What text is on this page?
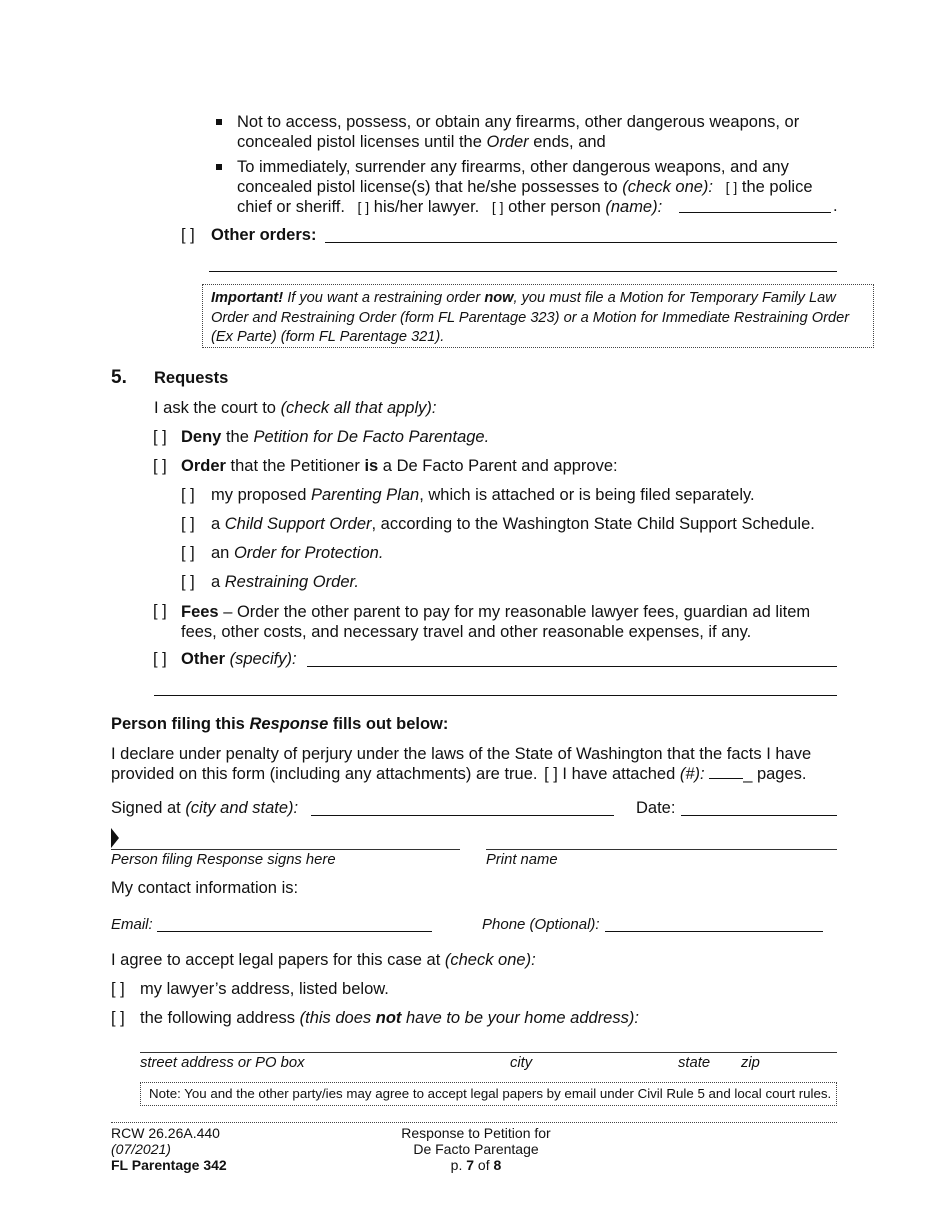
Not to access, possess, or obtain any firearms, other dangerous weapons, or
concealed pistol licenses until the Order ends, and
To immediately, surrender any firearms, other dangerous weapons, and any
concealed pistol license(s) that he/she possesses to (check one): [ ] the police
chief or sheriff. [ ] his/her lawyer. [ ] other person (name):	.
[ ] Other orders:
Important! If you want a restraining order now, you must file a Motion for Temporary Family Law Order and Restraining Order (form FL Parentage 323) or a Motion for Immediate Restraining Order (Ex Parte) (form FL Parentage 321).
5. Requests
I ask the court to (check all that apply):
[ ] Deny the Petition for De Facto Parentage.
[ ] Order that the Petitioner is a De Facto Parent and approve:
[ ] my proposed Parenting Plan, which is attached or is being filed separately.
[ ] a Child Support Order, according to the Washington State Child Support Schedule.
[ ] an Order for Protection.
[ ] a Restraining Order.
[ ] Fees – Order the other parent to pay for my reasonable lawyer fees, guardian ad litem
fees, other costs, and necessary travel and other reasonable expenses, if any.
[ ] Other (specify):
Person filing this Response fills out below:
I declare under penalty of perjury under the laws of the State of Washington that the facts I have
provided on this form (including any attachments) are true. [ ] I have attached (#): _ pages.
Signed at (city and state):	Date:
Person filing Response signs here	Print name
My contact information is:
Email:	Phone (Optional):
I agree to accept legal papers for this case at (check one):
[ ] my lawyer’s address, listed below.
[ ] the following address (this does not have to be your home address):
street address or PO box	city	state zip
Note: You and the other party/ies may agree to accept legal papers by email under Civil Rule 5 and local court rules.
RCW 26.26A.440
(07/2021)
FL Parentage 342
Response to Petition for
De Facto Parentage
p. 7 of 8
